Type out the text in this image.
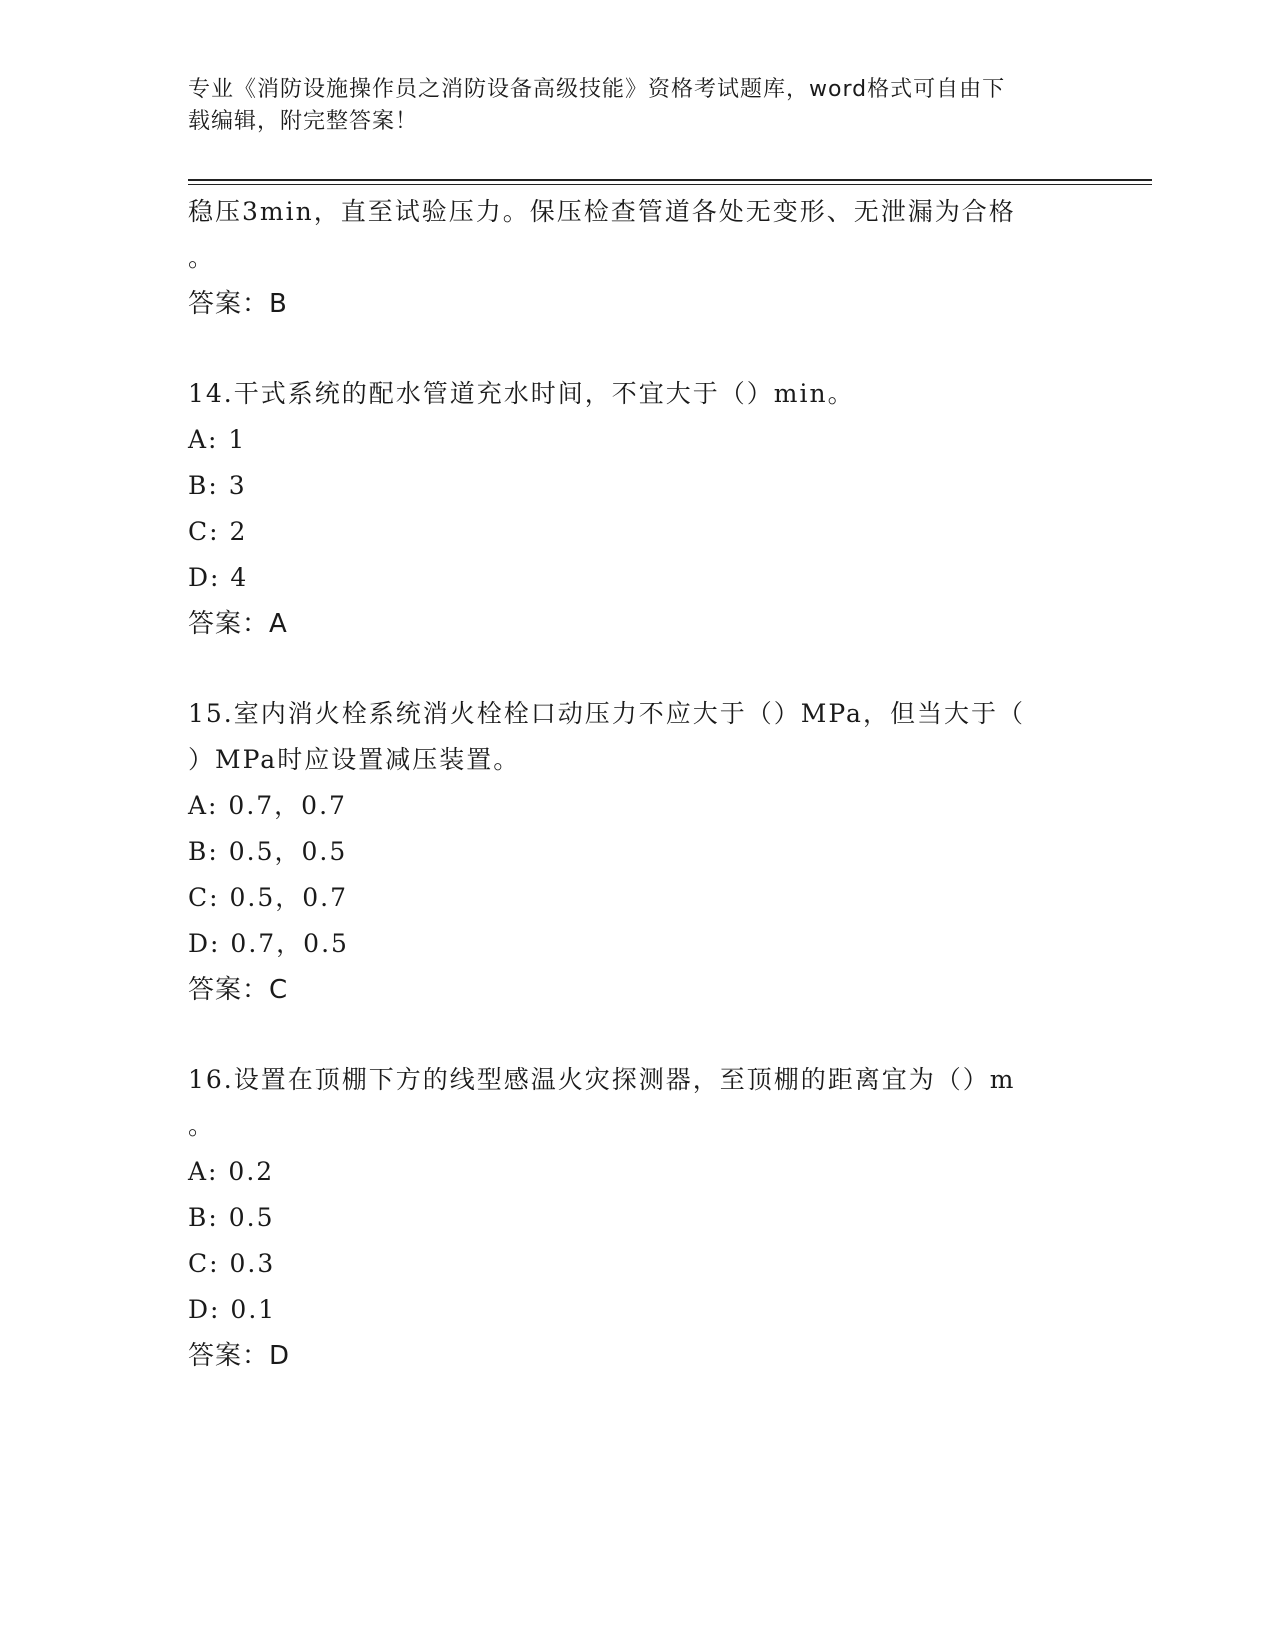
专业《消防设施操作员之消防设备高级技能》资格考试题库，word格式可自由下
载编辑，附完整答案！

稳压3min，直至试验压力。保压检查管道各处无变形、无泄漏为合格

。

答案：B

14.干式系统的配水管道充水时间，不宜大于（）min。

A: 1

B: 3

C: 2

D: 4

答案：A

15.室内消火栓系统消火栓栓口动压力不应大于（）MPa，但当大于（

）MPa时应设置减压装置。

A: 0.7，0.7

B: 0.5，0.5

C: 0.5，0.7

D: 0.7，0.5

答案：C

16.设置在顶棚下方的线型感温火灾探测器，至顶棚的距离宜为（）m

。

A: 0.2

B: 0.5

C: 0.3

D: 0.1

答案：D
